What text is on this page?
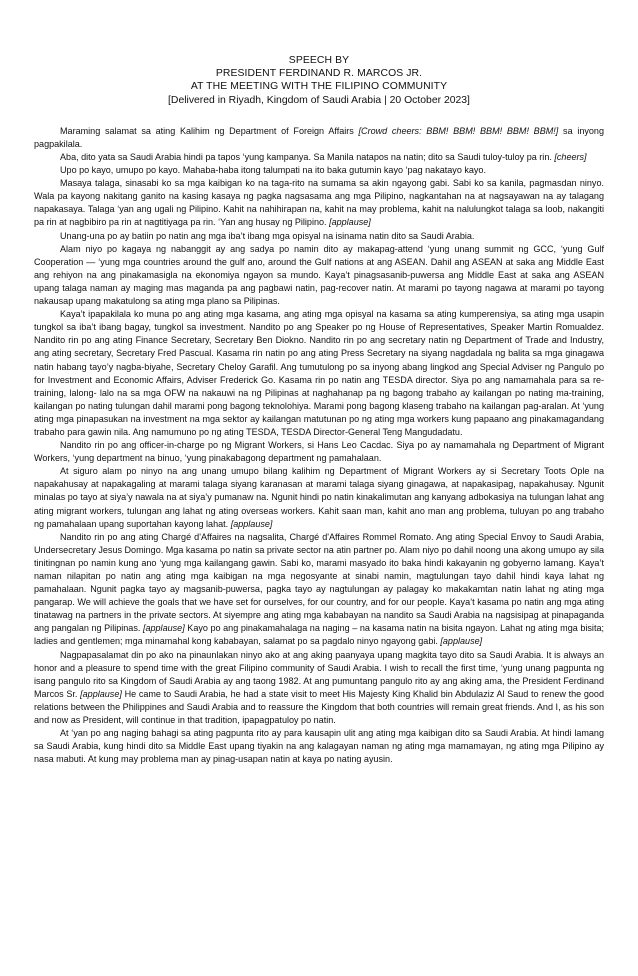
SPEECH BY
PRESIDENT FERDINAND R. MARCOS JR.
AT THE MEETING WITH THE FILIPINO COMMUNITY
[Delivered in Riyadh, Kingdom of Saudi Arabia | 20 October 2023]

Maraming salamat sa ating Kalihim ng Department of Foreign Affairs [Crowd cheers: BBM! BBM! BBM! BBM! BBM!] sa inyong pagpakilala.

Aba, dito yata sa Saudi Arabia hindi pa tapos ‘yung kampanya. Sa Manila natapos na natin; dito sa Saudi tuloy-tuloy pa rin. [cheers]

Upo po kayo, umupo po kayo. Mahaba-haba itong talumpati na ito baka gutumin kayo ‘pag nakatayo kayo.

Masaya talaga, sinasabi ko sa mga kaibigan ko na taga-rito na sumama sa akin ngayong gabi. Sabi ko sa kanila, pagmasdan ninyo. Wala pa kayong nakitang ganito na kasing kasaya ng pagka nagsasama ang mga Pilipino, nagkantahan na at nagsayawan na ay talagang napakasaya. Talaga ‘yan ang ugali ng Pilipino. Kahit na nahihirapan na, kahit na may problema, kahit na nalulungkot talaga sa loob, nakangiti pa rin at nagbibiro pa rin at nagtitiyaga pa rin. ‘Yan ang husay ng Pilipino. [applause]

Unang-una po ay batiin po natin ang mga iba’t ibang mga opisyal na isinama natin dito sa Saudi Arabia.

Alam niyo po kagaya ng nabanggit ay ang sadya po namin dito ay makapag-attend ‘yung unang summit ng GCC, ‘yung Gulf Cooperation — ‘yung mga countries around the gulf ano, around the Gulf nations at ang ASEAN. Dahil ang ASEAN at saka ang Middle East ang rehiyon na ang pinakamasigla na ekonomiya ngayon sa mundo. Kaya’t pinagsasanib-puwersa ang Middle East at saka ang ASEAN upang talaga naman ay maging mas maganda pa ang pagbawi natin, pag-recover natin. At marami po tayong nagawa at marami po tayong nakausap upang makatulong sa ating mga plano sa Pilipinas.

Kaya’t ipapakilala ko muna po ang ating mga kasama, ang ating mga opisyal na kasama sa ating kumperensiya, sa ating mga usapin tungkol sa iba’t ibang bagay, tungkol sa investment. Nandito po ang Speaker po ng House of Representatives, Speaker Martin Romualdez. Nandito rin po ang ating Finance Secretary, Secretary Ben Diokno. Nandito rin po ang secretary natin ng Department of Trade and Industry, ang ating secretary, Secretary Fred Pascual. Kasama rin natin po ang ating Press Secretary na siyang nagdadala ng balita sa mga ginagawa natin habang tayo’y nagba-biyahe, Secretary Cheloy Garafil. Ang tumutulong po sa inyong abang lingkod ang Special Adviser ng Pangulo po for Investment and Economic Affairs, Adviser Frederick Go. Kasama rin po natin ang TESDA director. Siya po ang namamahala para sa re-training, lalong- lalo na sa mga OFW na nakauwi na ng Pilipinas at naghahanap pa ng bagong trabaho ay kailangan po nating ma-training, kailangan po nating tulungan dahil marami pong bagong teknolohiya. Marami pong bagong klaseng trabaho na kailangan pag-aralan. At ‘yung ating mga pinapasukan na investment na mga sektor ay kailangan matutunan po ng ating mga workers kung papaano ang pinakamagandang trabaho para gawin nila. Ang namumuno po ng ating TESDA, TESDA Director-General Teng Mangudadatu.

Nandito rin po ang officer-in-charge po ng Migrant Workers, si Hans Leo Cacdac. Siya po ay namamahala ng Department of Migrant Workers, ‘yung department na binuo, ‘yung pinakabagong department ng pamahalaan.

At siguro alam po ninyo na ang unang umupo bilang kalihim ng Department of Migrant Workers ay si Secretary Toots Ople na napakahusay at napakagaling at marami talaga siyang karanasan at marami talaga siyang ginagawa, at napakasipag, napakahusay. Ngunit minalas po tayo at siya’y nawala na at siya’y pumanaw na. Ngunit hindi po natin kinakalimutan ang kanyang adbokasiya na tulungan lahat ang ating migrant workers, tulungan ang lahat ng ating overseas workers. Kahit saan man, kahit ano man ang problema, tuluyan po ang trabaho ng pamahalaan upang suportahan kayong lahat. [applause]

Nandito rin po ang ating Chargé d'Affaires na nagsalita, Chargé d'Affaires Rommel Romato. Ang ating Special Envoy to Saudi Arabia, Undersecretary Jesus Domingo. Mga kasama po natin sa private sector na atin partner po. Alam niyo po dahil noong una akong umupo ay sila tinitingnan po namin kung ano ‘yung mga kailangang gawin. Sabi ko, marami masyado ito baka hindi kakayanin ng gobyerno lamang. Kaya’t naman nilapitan po natin ang ating mga kaibigan na mga negosyante at sinabi namin, magtulungan tayo dahil hindi kaya lahat ng pamahalaan. Ngunit pagka tayo ay magsanib-puwersa, pagka tayo ay nagtulungan ay palagay ko makakamtan natin lahat ng ating mga pangarap. We will achieve the goals that we have set for ourselves, for our country, and for our people. Kaya’t kasama po natin ang mga ating tinatawag na partners in the private sectors. At siyempre ang ating mga kababayan na nandito sa Saudi Arabia na nagsisipag at pinapaganda ang pangalan ng Pilipinas. [applause] Kayo po ang pinakamahalaga na naging – na kasama natin na bisita ngayon. Lahat ng ating mga bisita; ladies and gentlemen; mga minamahal kong kababayan, salamat po sa pagdalo ninyo ngayong gabi. [applause]

Nagpapasalamat din po ako na pinaunlakan ninyo ako at ang aking paanyaya upang magkita tayo dito sa Saudi Arabia. It is always an honor and a pleasure to spend time with the great Filipino community of Saudi Arabia. I wish to recall the first time, ‘yung unang pagpunta ng isang pangulo rito sa Kingdom of Saudi Arabia ay ang taong 1982. At ang pumuntang pangulo rito ay ang aking ama, the President Ferdinand Marcos Sr. [applause] He came to Saudi Arabia, he had a state visit to meet His Majesty King Khalid bin Abdulaziz Al Saud to renew the good relations between the Philippines and Saudi Arabia and to reassure the Kingdom that both countries will remain great friends. And I, as his son and now as President, will continue in that tradition, ipapagpatuloy po natin.

At ‘yan po ang naging bahagi sa ating pagpunta rito ay para kausapin ulit ang ating mga kaibigan dito sa Saudi Arabia. At hindi lamang sa Saudi Arabia, kung hindi dito sa Middle East upang tiyakin na ang kalagayan naman ng ating mga mamamayan, ng ating mga Pilipino ay nasa mabuti. At kung may problema man ay pinag-usapan natin at kaya po nating ayusin.
